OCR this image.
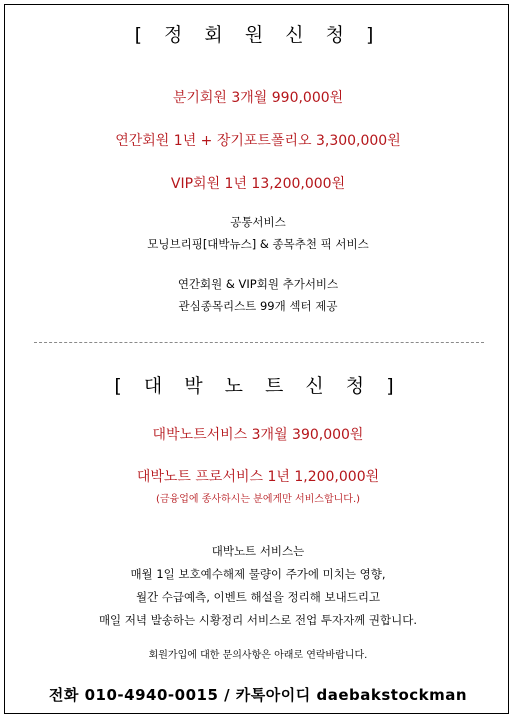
[ 정 회 원 신 청 ]
분기회원 3개월 990,000원
연간회원 1년 + 장기포트폴리오 3,300,000원
VIP회원 1년 13,200,000원
공통서비스
모닝브리핑[대박뉴스] & 종목추천 픽 서비스
연간회원 & VIP회원 추가서비스
관심종목리스트 99개 섹터 제공
[ 대 박 노 트 신 청 ]
대박노트서비스 3개월 390,000원
대박노트 프로서비스 1년 1,200,000원
(금융업에 종사하시는 분에게만 서비스합니다.)
대박노트 서비스는
매월 1일 보호예수해제 물량이 주가에 미치는 영향,
월간 수급예측, 이벤트 해설을 정리해 보내드리고
매일 저녁 발송하는 시황정리 서비스로 전업 투자자께 권합니다.
회원가입에 대한 문의사항은 아래로 연락바랍니다.
전화 010-4940-0015 / 카톡아이디 daebakstockman
